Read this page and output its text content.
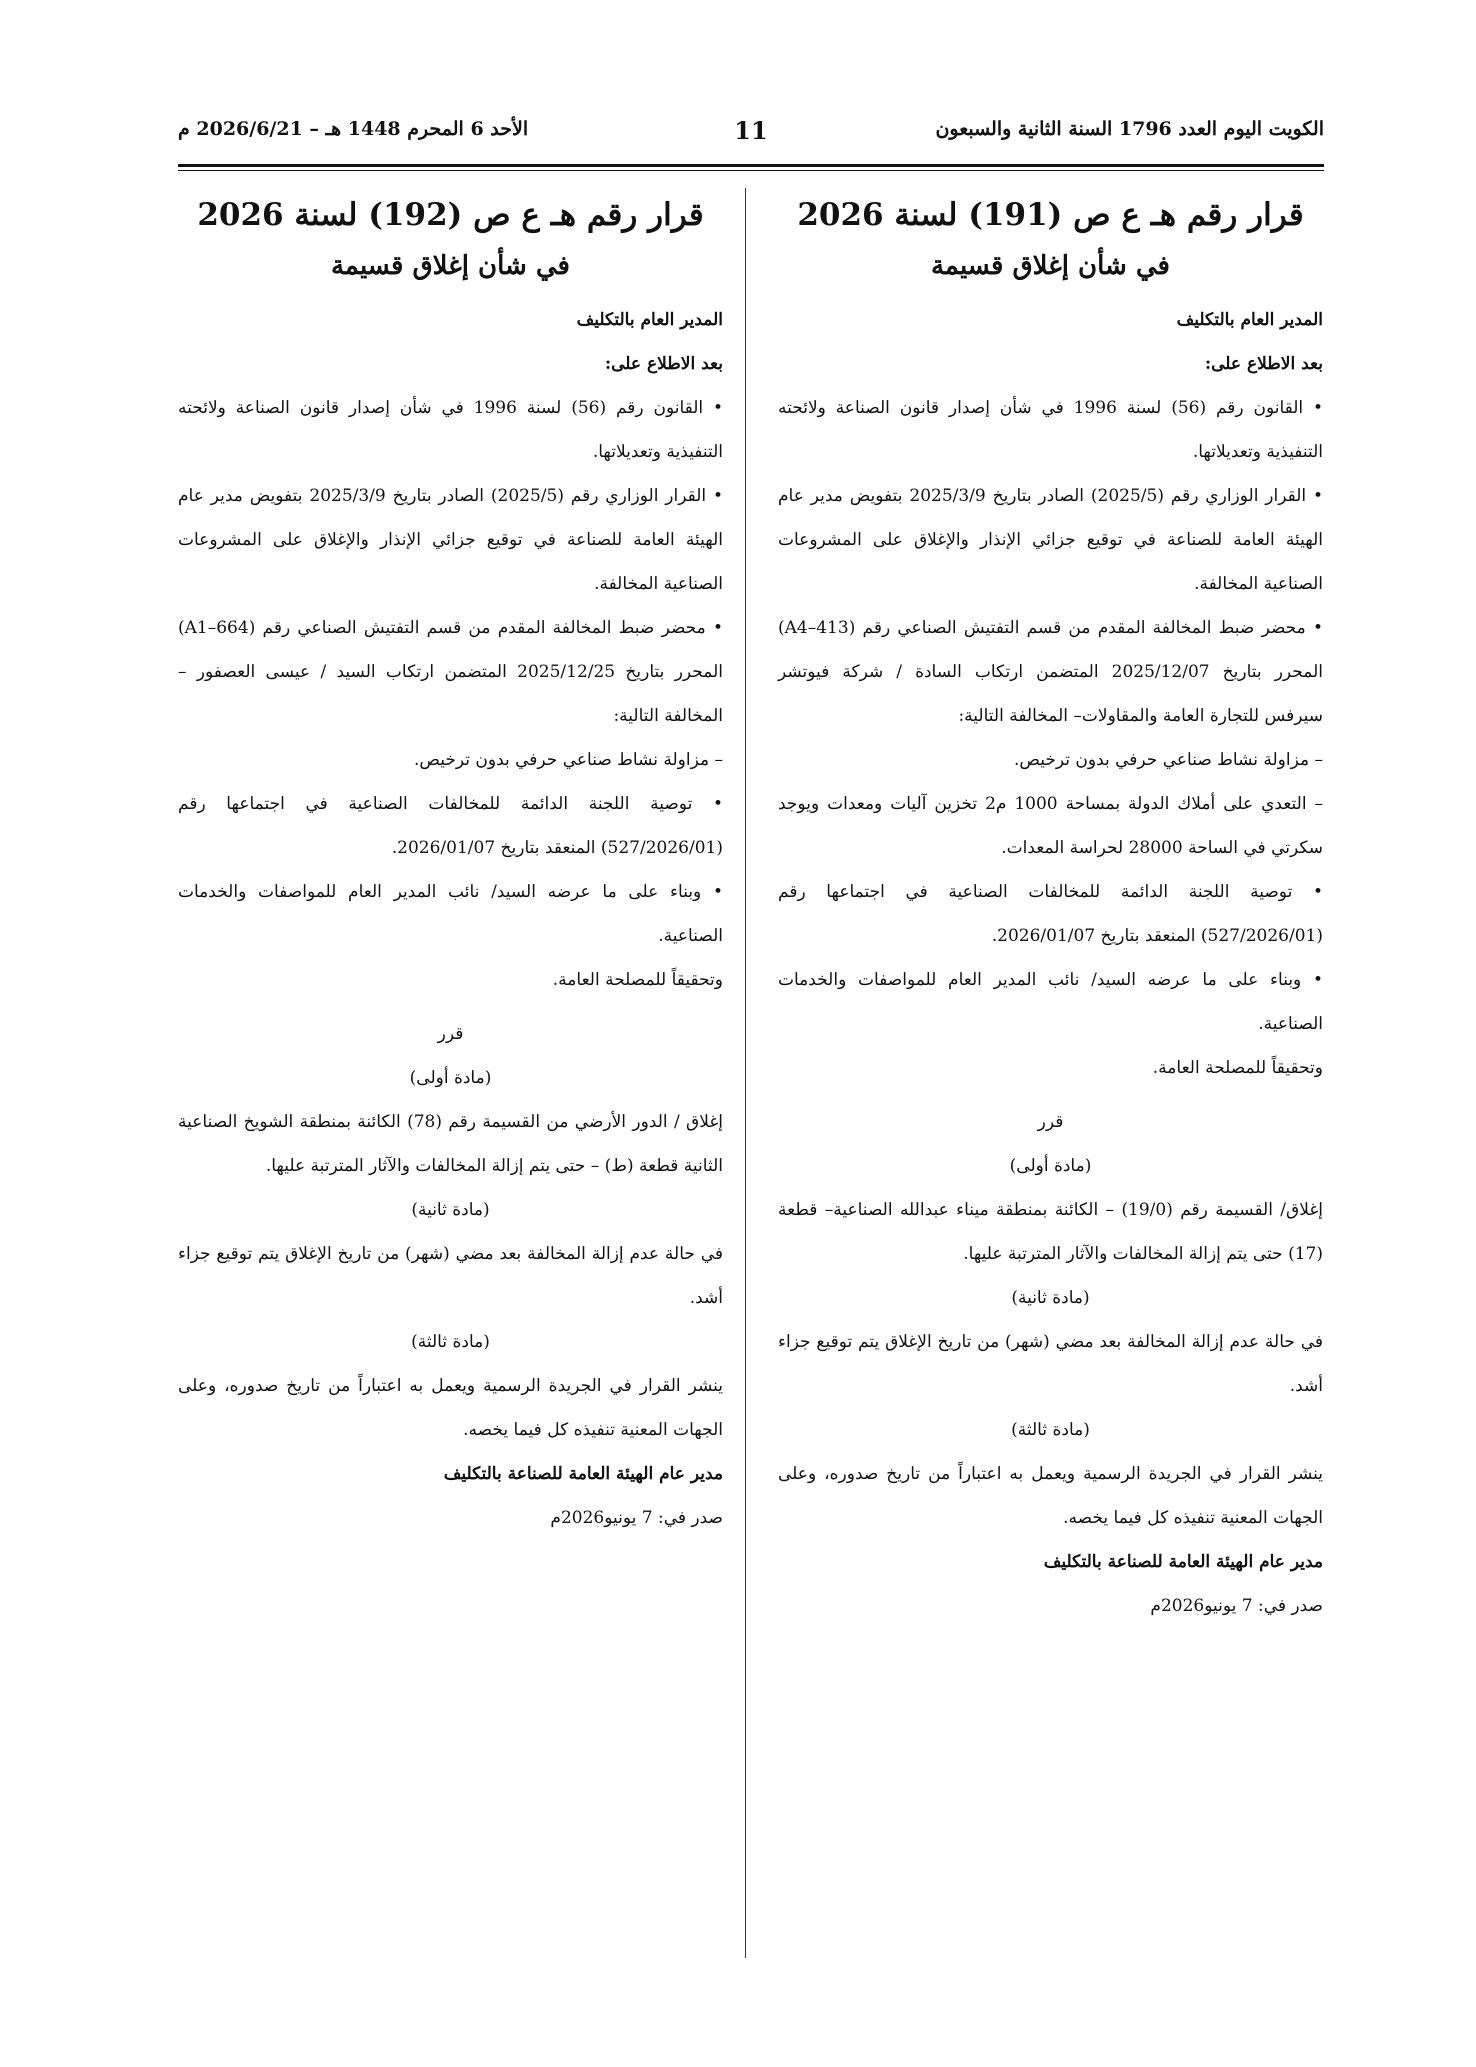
الكويت اليوم العدد 1796 السنة الثانية والسبعون
11
الأحد 6 المحرم 1448 هـ – 2026/6/21 م
قرار رقم هـ ع ص (191) لسنة 2026
في شأن إغلاق قسيمة

المدير العام بالتكليف

بعد الاطلاع على:

• القانون رقم (56) لسنة 1996 في شأن إصدار قانون الصناعة ولائحته التنفيذية وتعديلاتها.

• القرار الوزاري رقم (2025/5) الصادر بتاريخ 2025/3/9 بتفويض مدير عام الهيئة العامة للصناعة في توقيع جزائي الإنذار والإغلاق على المشروعات الصناعية المخالفة.

• محضر ضبط المخالفة المقدم من قسم التفتيش الصناعي رقم (A4–413) المحرر بتاريخ 2025/12/07 المتضمن ارتكاب السادة / شركة فيوتشر سيرفس للتجارة العامة والمقاولات– المخالفة التالية:

– مزاولة نشاط صناعي حرفي بدون ترخيص.

– التعدي على أملاك الدولة بمساحة 1000 م2 تخزين آليات ومعدات ويوجد سكرتي في الساحة 28000 لحراسة المعدات.

• توصية اللجنة الدائمة للمخالفات الصناعية في اجتماعها رقم (527/2026/01) المنعقد بتاريخ 2026/01/07.

• وبناء على ما عرضه السيد/ نائب المدير العام للمواصفات والخدمات الصناعية.

وتحقيقاً للمصلحة العامة.

قرر

(مادة أولى)

إغلاق/ القسيمة رقم (19/0) – الكائنة بمنطقة ميناء عبدالله الصناعية– قطعة (17) حتى يتم إزالة المخالفات والآثار المترتبة عليها.

(مادة ثانية)

في حالة عدم إزالة المخالفة بعد مضي (شهر) من تاريخ الإغلاق يتم توقيع جزاء أشد.

(مادة ثالثة)

ينشر القرار في الجريدة الرسمية ويعمل به اعتباراً من تاريخ صدوره، وعلى الجهات المعنية تنفيذه كل فيما يخصه.

مدير عام الهيئة العامة للصناعة بالتكليف

صدر في: 7 يونيو2026م

قرار رقم هـ ع ص (192) لسنة 2026
في شأن إغلاق قسيمة

المدير العام بالتكليف

بعد الاطلاع على:

• القانون رقم (56) لسنة 1996 في شأن إصدار قانون الصناعة ولائحته التنفيذية وتعديلاتها.

• القرار الوزاري رقم (2025/5) الصادر بتاريخ 2025/3/9 بتفويض مدير عام الهيئة العامة للصناعة في توقيع جزائي الإنذار والإغلاق على المشروعات الصناعية المخالفة.

• محضر ضبط المخالفة المقدم من قسم التفتيش الصناعي رقم (A1–664) المحرر بتاريخ 2025/12/25 المتضمن ارتكاب السيد / عيسى العصفور – المخالفة التالية:

– مزاولة نشاط صناعي حرفي بدون ترخيص.

• توصية اللجنة الدائمة للمخالفات الصناعية في اجتماعها رقم (527/2026/01) المنعقد بتاريخ 2026/01/07.

• وبناء على ما عرضه السيد/ نائب المدير العام للمواصفات والخدمات الصناعية.

وتحقيقاً للمصلحة العامة.

قرر

(مادة أولى)

إغلاق / الدور الأرضي من القسيمة رقم (78) الكائنة بمنطقة الشويخ الصناعية الثانية قطعة (ط) – حتى يتم إزالة المخالفات والآثار المترتبة عليها.

(مادة ثانية)

في حالة عدم إزالة المخالفة بعد مضي (شهر) من تاريخ الإغلاق يتم توقيع جزاء أشد.

(مادة ثالثة)

ينشر القرار في الجريدة الرسمية ويعمل به اعتباراً من تاريخ صدوره، وعلى الجهات المعنية تنفيذه كل فيما يخصه.

مدير عام الهيئة العامة للصناعة بالتكليف

صدر في: 7 يونيو2026م
